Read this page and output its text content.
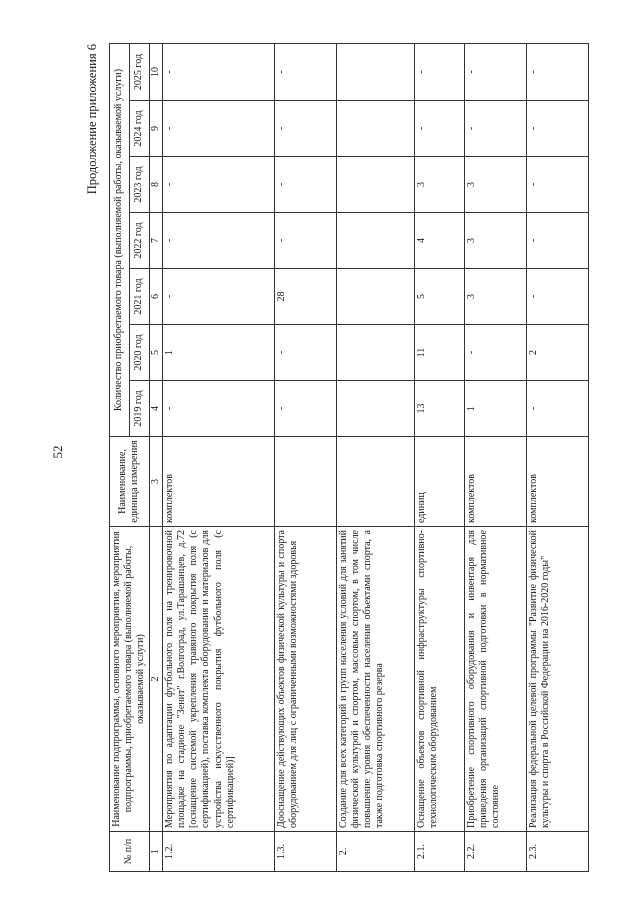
52
Продолжение приложения 6
№ п/п	Наименование подпрограммы, основного мероприятия, мероприятия подпрограммы, приобретаемого товара (выполняемой работы, оказываемой услуги)	Наименование, единица измерения	Количество приобретаемого товара (выполняемой работы, оказываемой услуги)						
			2019 год	2020 год	2021 год	2022 год	2023 год	2024 год	2025 год
1	2	3	4	5	6	7	8	9	10
1.2.	Мероприятия по адаптации футбольного поля на тренировочной площадке на стадионе "Зенит" г.Волгоград, ул.Тарашанцев, д.72 [оснащение системой укрепления травяного покрытия поля (с сертификацией), поставка комплекта оборудования и материалов для устройства искусственного покрытия футбольного поля (с сертификацией)]	комплектов	-	1	-	-	-	-	-
1.3.	Дооснащение действующих объектов физической культуры и спорта оборудованием для лиц с ограниченными возможностями здоровья		-	-	28	-	-	-	-
2.	Создание для всех категорий и групп населения условий для занятий физической культурой и спортом, массовым спортом, в том числе повышение уровня обеспеченности населения объектами спорта, а также подготовка спортивного резерва								
2.1.	Оснащение объектов спортивной инфраструктуры спортивно-технологическим оборудованием	единиц	13	11	5	4	3	-	-
2.2.	Приобретение спортивного оборудования и инвентаря для приведения организаций спортивной подготовки в нормативное состояние	комплектов	1	-	3	3	3	-	-
2.3.	Реализация федеральной целевой программы "Развитие физической культуры и спорта в Российской Федерации на 2016-2020 годы"	комплектов	-	2	-	-	-	-	-
